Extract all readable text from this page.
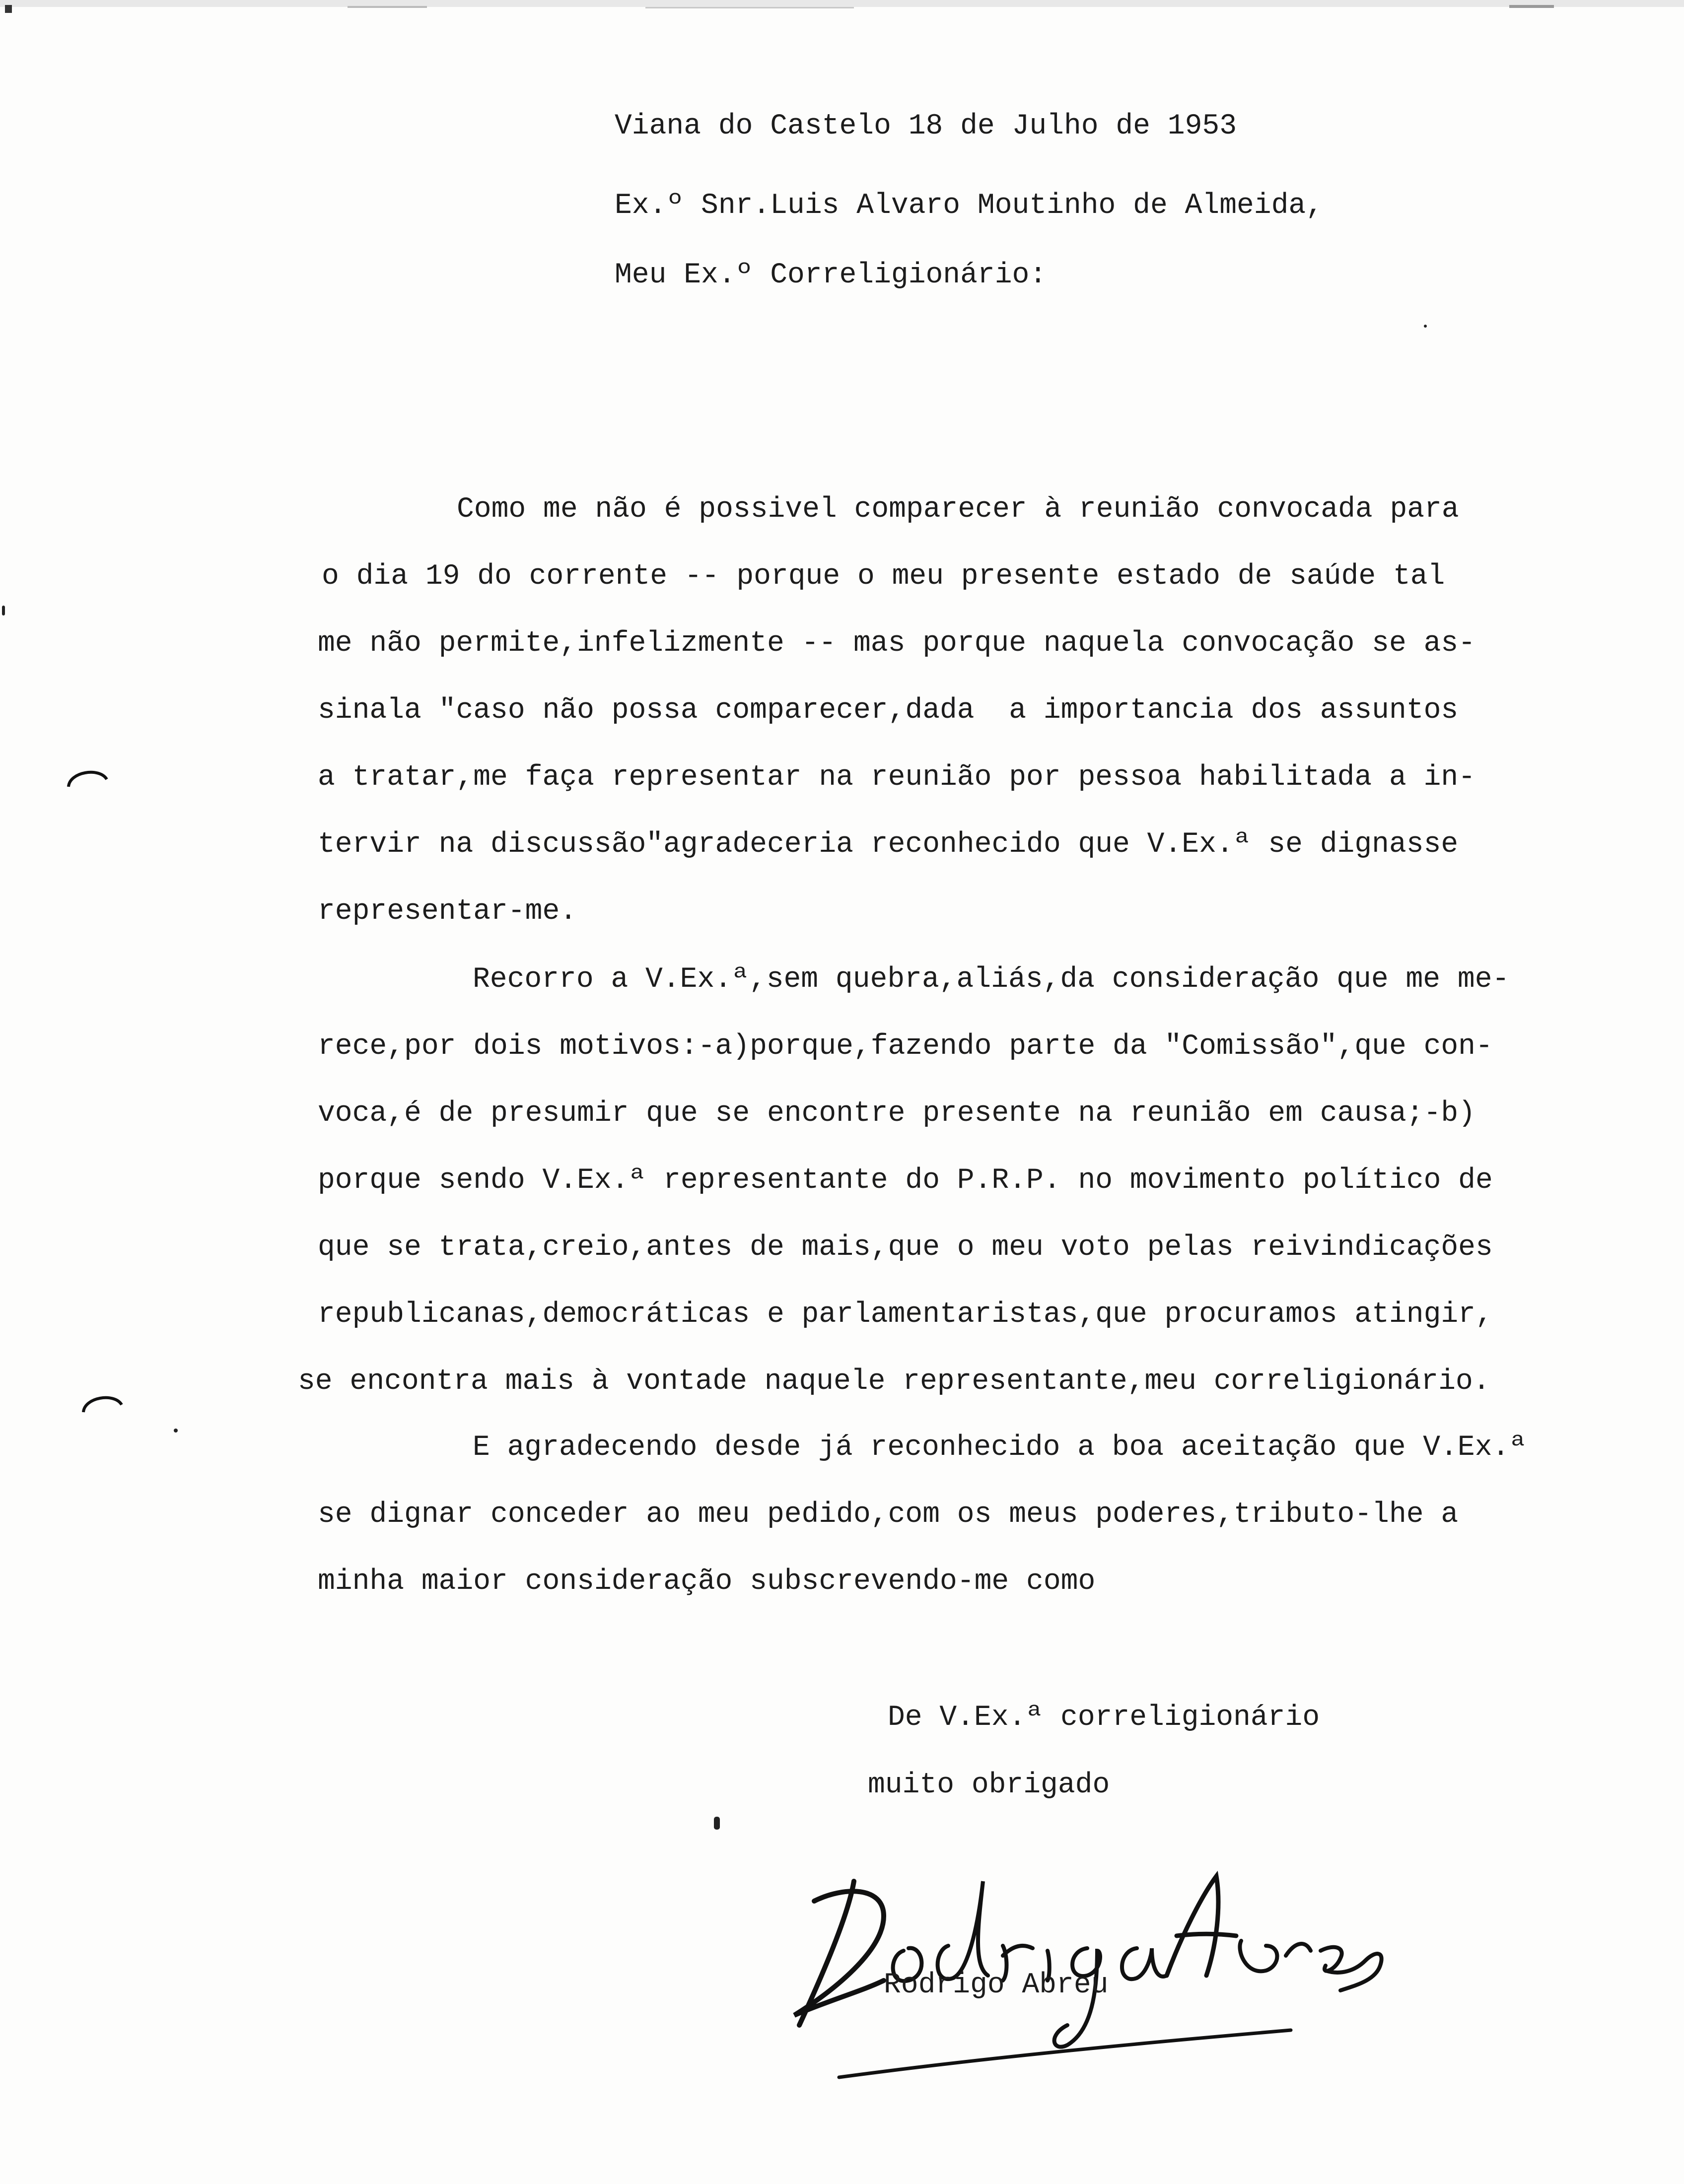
Viana do Castelo 18 de Julho de 1953
Ex.º Snr.Luis Alvaro Moutinho de Almeida,
Meu Ex.º Correligionário:
Como me não é possivel comparecer à reunião convocada para
o dia 19 do corrente -- porque o meu presente estado de saúde tal
me não permite,infelizmente -- mas porque naquela convocação se as-
sinala "caso não possa comparecer,dada  a importancia dos assuntos
a tratar,me faça representar na reunião por pessoa habilitada a in-
tervir na discussão"agradeceria reconhecido que V.Ex.ª se dignasse
representar-me.
Recorro a V.Ex.ª,sem quebra,aliás,da consideração que me me-
rece,por dois motivos:-a)porque,fazendo parte da "Comissão",que con-
voca,é de presumir que se encontre presente na reunião em causa;-b)
porque sendo V.Ex.ª representante do P.R.P. no movimento político de
que se trata,creio,antes de mais,que o meu voto pelas reivindicações
republicanas,democráticas e parlamentaristas,que procuramos atingir,
se encontra mais à vontade naquele representante,meu correligionário.
E agradecendo desde já reconhecido a boa aceitação que V.Ex.ª
se dignar conceder ao meu pedido,com os meus poderes,tributo-lhe a
minha maior consideração subscrevendo-me como
De V.Ex.ª correligionário
muito obrigado
Rodrigo Abreu
